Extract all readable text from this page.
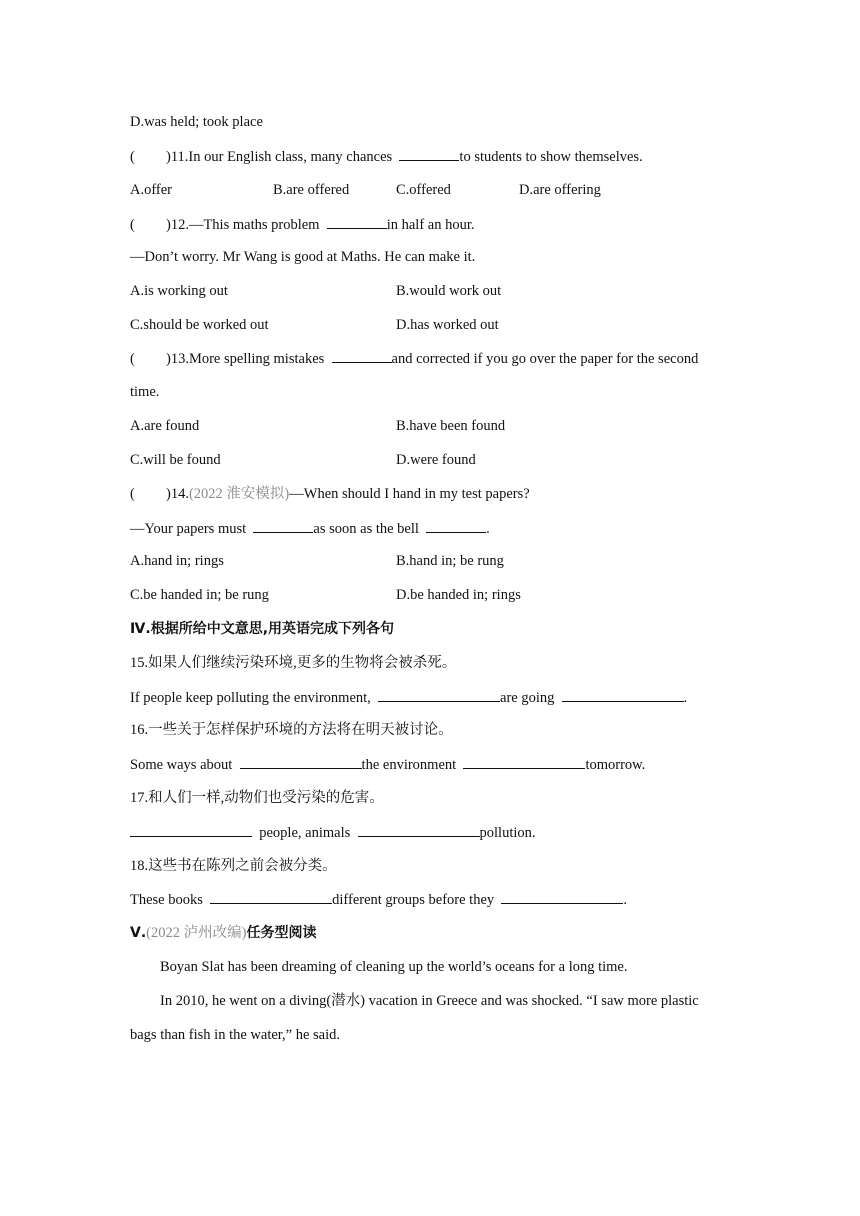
D.was held; took place
( )11.In our English class, many chances	to students to show themselves.
A.offer	B.are offered	C.offered	D.are offering
( )12.—This maths problem	in half an hour.
—Don’t worry. Mr Wang is good at Maths. He can make it.
A.is working out	B.would work out
C.should be worked out	D.has worked out
( )13.More spelling mistakes	and corrected if you go over the paper for the second
time.
A.are found	B.have been found
C.will be found	D.were found
( )14.(2022 淮安模拟)—When should I hand in my test papers?
—Your papers must	as soon as the bell	.
A.hand in; rings	B.hand in; be rung
C.be handed in; be rung	D.be handed in; rings
Ⅳ.根据所给中文意思,用英语完成下列各句
15.如果人们继续污染环境,更多的生物将会被杀死。
If people keep polluting the environment,	are going	.
16.一些关于怎样保护环境的方法将在明天被讨论。
Some ways about	the environment	tomorrow.
17.和人们一样,动物们也受污染的危害。
people, animals	pollution.
18.这些书在陈列之前会被分类。
These books	different groups before they	.
Ⅴ.(2022 泸州改编)任务型阅读
Boyan Slat has been dreaming of cleaning up the world’s oceans for a long time.
In 2010, he went on a diving(潜水) vacation in Greece and was shocked. “I saw more plastic
bags than fish in the water,” he said.
